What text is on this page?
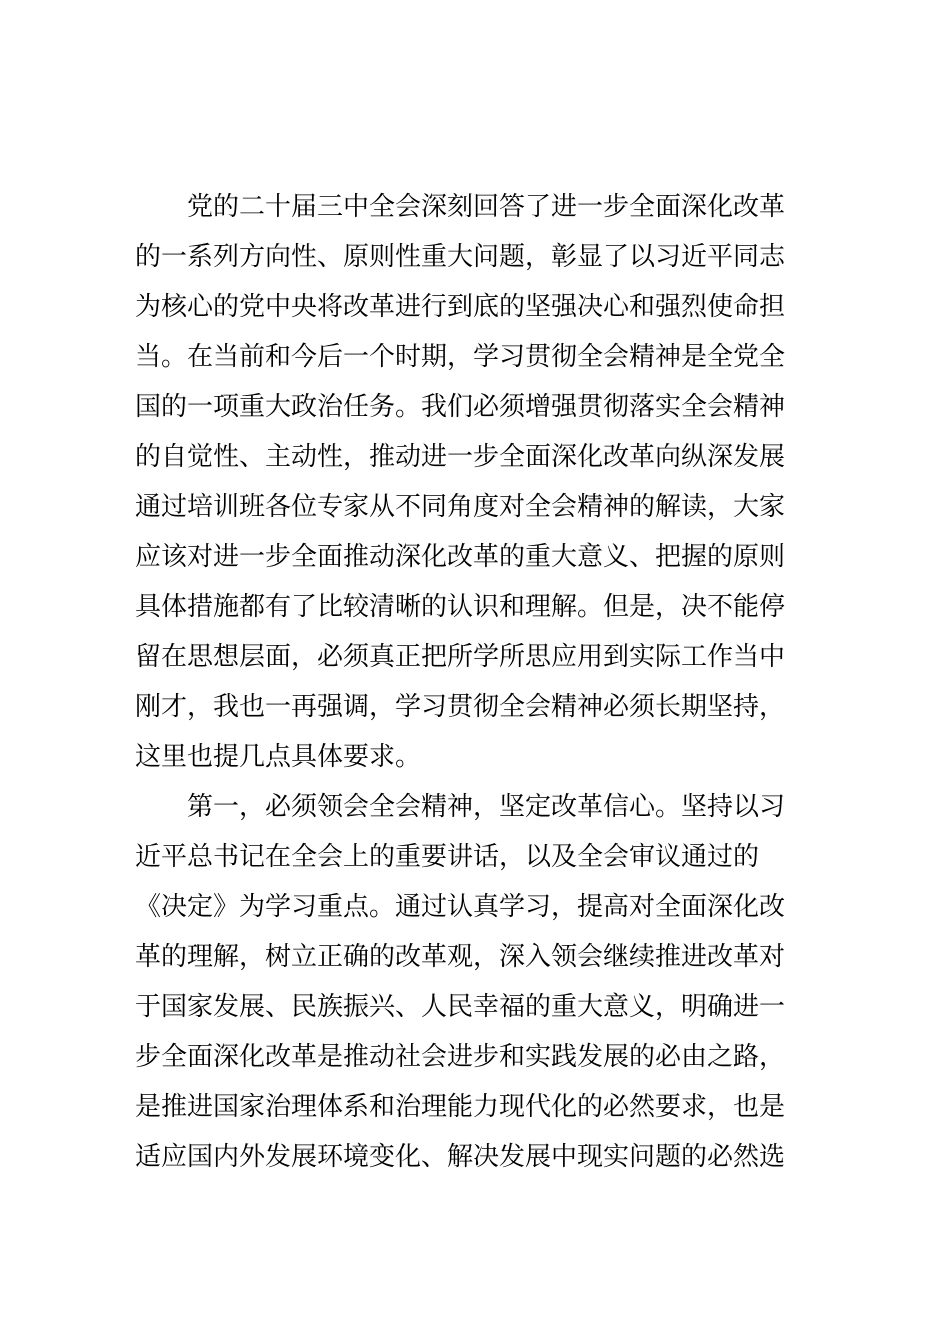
党的二十届三中全会深刻回答了进一步全面深化改革
的一系列方向性、原则性重大问题，彰显了以习近平同志
为核心的党中央将改革进行到底的坚强决心和强烈使命担
当。在当前和今后一个时期，学习贯彻全会精神是全党全
国的一项重大政治任务。我们必须增强贯彻落实全会精神
的自觉性、主动性，推动进一步全面深化改革向纵深发展
通过培训班各位专家从不同角度对全会精神的解读，大家
应该对进一步全面推动深化改革的重大意义、把握的原则
具体措施都有了比较清晰的认识和理解。但是，决不能停
留在思想层面，必须真正把所学所思应用到实际工作当中
刚才，我也一再强调，学习贯彻全会精神必须长期坚持，
这里也提几点具体要求。
第一，必须领会全会精神，坚定改革信心。坚持以习
近平总书记在全会上的重要讲话，以及全会审议通过的
《决定》为学习重点。通过认真学习，提高对全面深化改
革的理解，树立正确的改革观，深入领会继续推进改革对
于国家发展、民族振兴、人民幸福的重大意义，明确进一
步全面深化改革是推动社会进步和实践发展的必由之路，
是推进国家治理体系和治理能力现代化的必然要求，也是
适应国内外发展环境变化、解决发展中现实问题的必然选
